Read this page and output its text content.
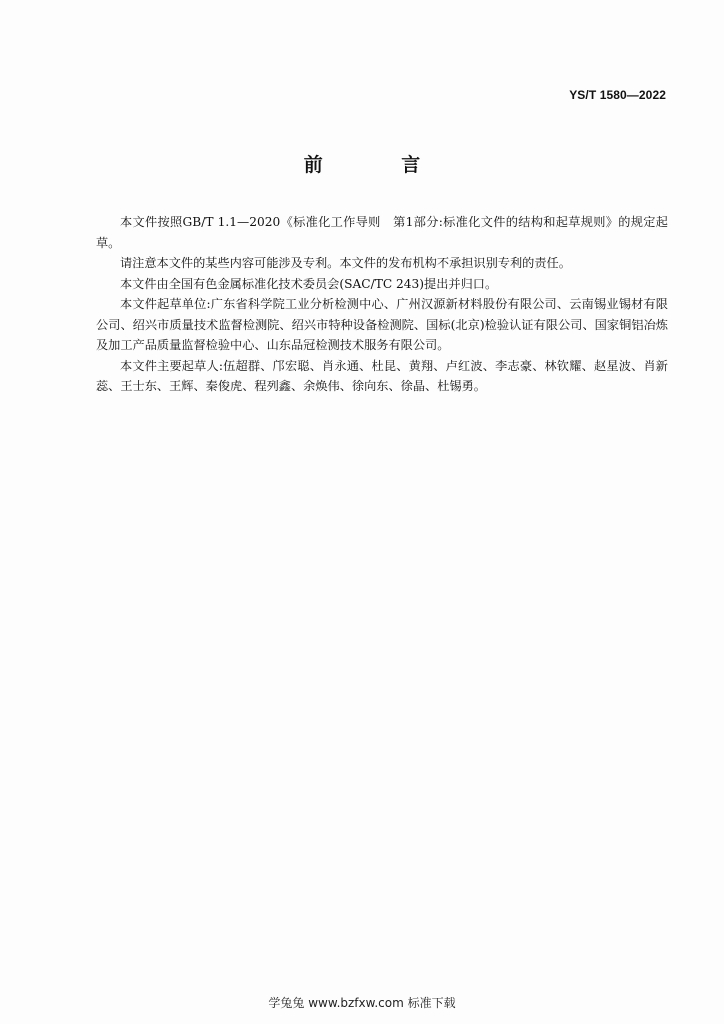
YS/T 1580—2022
前 言

本文件按照GB/T 1.1—2020《标准化工作导则　第1部分:标准化文件的结构和起草规则》的规定起草。

请注意本文件的某些内容可能涉及专利。本文件的发布机构不承担识别专利的责任。

本文件由全国有色金属标准化技术委员会(SAC/TC 243)提出并归口。

本文件起草单位:广东省科学院工业分析检测中心、广州汉源新材料股份有限公司、云南锡业锡材有限公司、绍兴市质量技术监督检测院、绍兴市特种设备检测院、国标(北京)检验认证有限公司、国家铜铝冶炼及加工产品质量监督检验中心、山东品冠检测技术服务有限公司。

本文件主要起草人:伍超群、邝宏聪、肖永通、杜昆、黄翔、卢红波、李志豪、林钦耀、赵星波、肖新蕊、王士东、王辉、秦俊虎、程列鑫、余焕伟、徐向东、徐晶、杜锡勇。

学兔兔 www.bzfxw.com 标准下载
